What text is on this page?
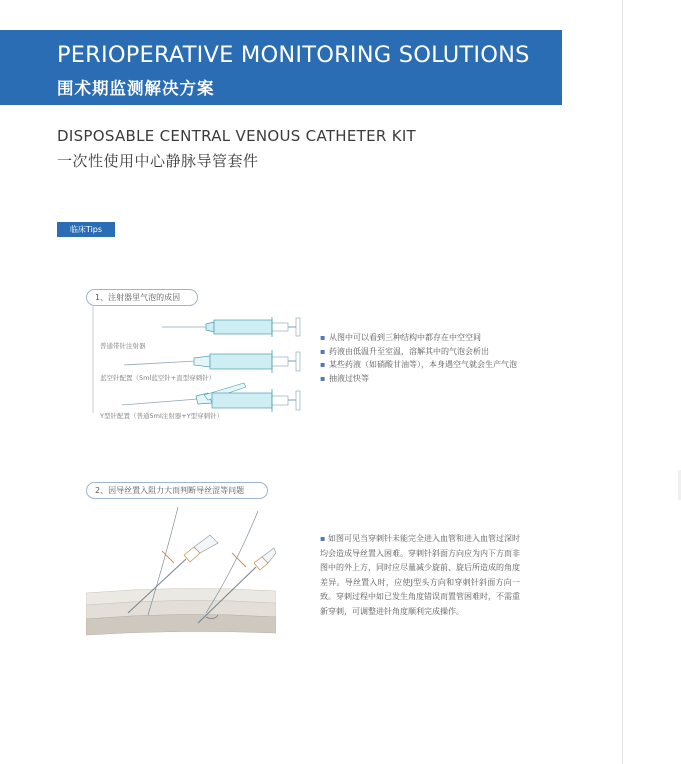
PERIOPERATIVE MONITORING SOLUTIONS
围术期监测解决方案
DISPOSABLE CENTRAL VENOUS CATHETER KIT
一次性使用中心静脉导管套件
临床Tips
1、注射器里气泡的成因
普通带针注射器
蓝空针配置（5ml蓝空针+直型穿刺针）
Y型针配置（普通5ml注射器+Y型穿刺针）
▪ 从图中可以看到三种结构中都存在中空空间
▪ 药液由低温升至室温，溶解其中的气泡会析出
▪ 某些药液（如硝酸甘油等），本身遇空气就会生产气泡
▪ 抽液过快等
2、因导丝置入阻力大而判断导丝涩等问题
▪ 如图可见当穿刺针未能完全进入血管和进入血管过深时均会造成导丝置入困难。穿刺针斜面方向应为内下方而非图中的外上方，同时应尽量减少旋前、旋后所造成的角度差异。导丝置入时，应使J型头方向和穿刺针斜面方向一致。穿刺过程中如已发生角度错误而置管困难时，不需重新穿刺，可调整进针角度顺利完成操作。
